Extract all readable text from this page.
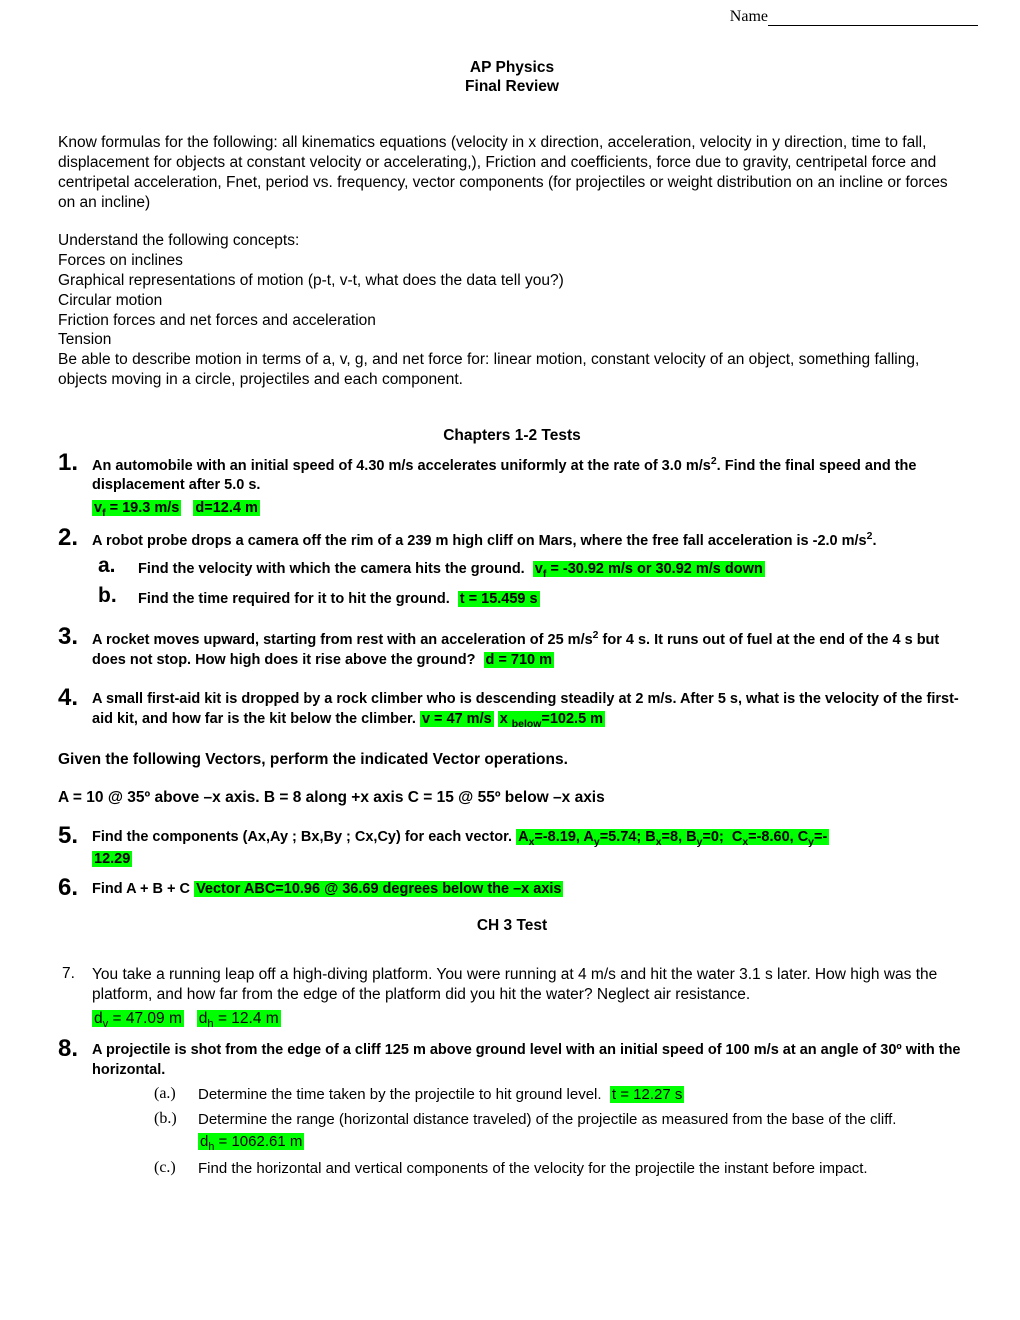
Name
AP Physics
Final Review

Know formulas for the following: all kinematics equations (velocity in x direction, acceleration, velocity in y direction, time to fall, displacement for objects at constant velocity or accelerating,), Friction and coefficients, force due to gravity, centripetal force and centripetal acceleration, Fnet, period vs. frequency, vector components (for projectiles or weight distribution on an incline or forces on an incline)

Understand the following concepts:
Forces on inclines
Graphical representations of motion (p-t, v-t, what does the data tell you?)
Circular motion
Friction forces and net forces and acceleration
Tension

Be able to describe motion in terms of a, v, g, and net force for: linear motion, constant velocity of an object, something falling, objects moving in a circle, projectiles and each component.

Chapters 1-2 Tests

1. An automobile with an initial speed of 4.30 m/s accelerates uniformly at the rate of 3.0 $m/s^2$. Find the final speed and the displacement after 5.0 s.
$v_f = 19.3$ m/s d=12.4 m
2. A robot probe drops a camera off the rim of a 239 m high cliff on Mars, where the free fall acceleration is -2.0 $m/s^2$.
a. Find the velocity with which the camera hits the ground. $v_f = -30.92$ m/s or 30.92 m/s down
b. Find the time required for it to hit the ground. t = 15.459 s
3. A rocket moves upward, starting from rest with an acceleration of 25 $m/s^2$ for 4 s. It runs out of fuel at the end of the 4 s but does not stop. How high does it rise above the ground? d = 710 m
4. A small first-aid kit is dropped by a rock climber who is descending steadily at 2 m/s. After 5 s, what is the velocity of the first-aid kit, and how far is the kit below the climber. v = 47 m/s x $_{below}$=102.5 m

Given the following Vectors, perform the indicated Vector operations.

A = 10 @ 35º above –x axis. B = 8 along +x axis C = 15 @ 55º below –x axis

5. Find the components (Ax,Ay ; Bx,By ; Cx,Cy) for each vector. $A_x=-8.19$, $A_y=5.74$; $B_x=8$, $B_y=0$;  $C_x=-8.60$, $C_y=-$
12.29
6. Find A + B + C Vector ABC=10.96 @ 36.69 degrees below the –x axis

CH 3 Test

7. You take a running leap off a high-diving platform. You were running at 4 m/s and hit the water 3.1 s later. How high was the platform, and how far from the edge of the platform did you hit the water? Neglect air resistance.
$d_v = 47.09$ m $d_h = 12.4$ m
8. A projectile is shot from the edge of a cliff 125 m above ground level with an initial speed of 100 m/s at an angle of 30º with the horizontal.
(a.) Determine the time taken by the projectile to hit ground level. t = 12.27 s
(b.) Determine the range (horizontal distance traveled) of the projectile as measured from the base of the cliff.
$d_h = 1062.61$ m
(c.) Find the horizontal and vertical components of the velocity for the projectile the instant before impact.
